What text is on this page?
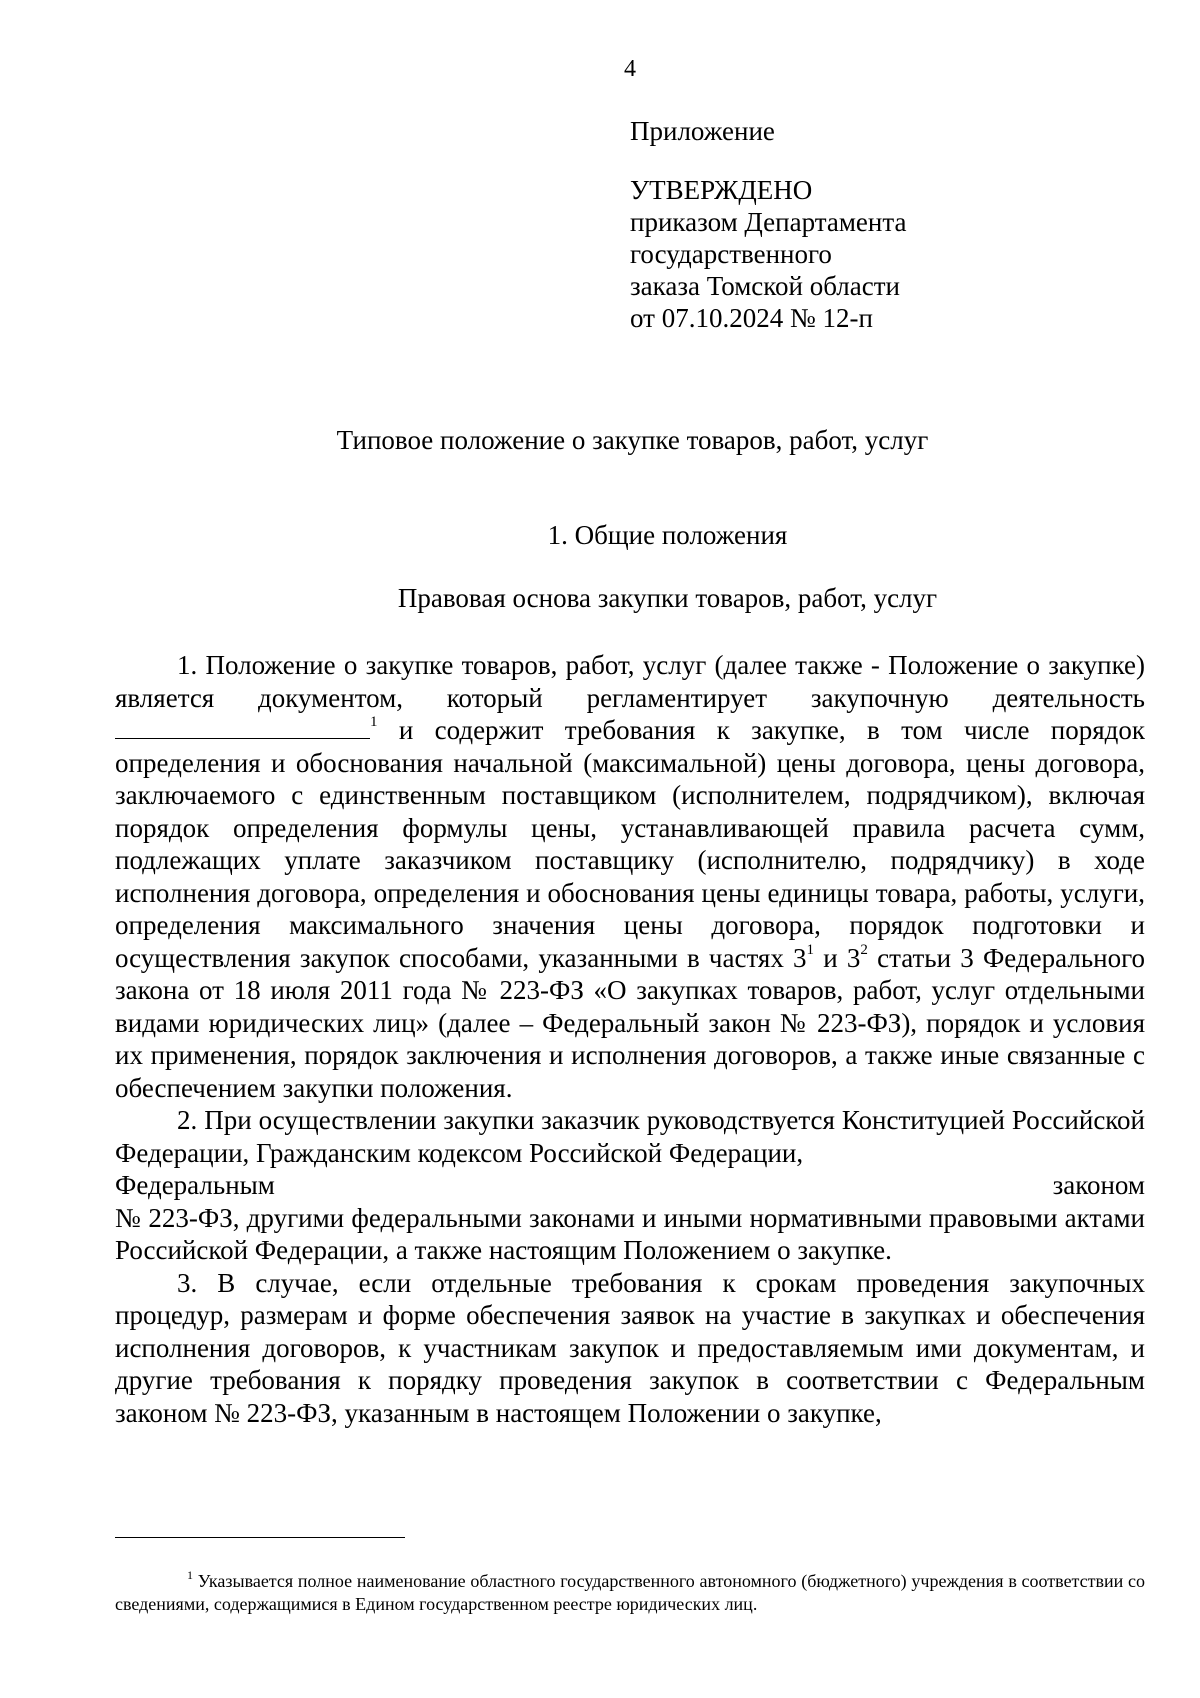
4
Приложение
УТВЕРЖДЕНО
приказом Департамента
государственного
заказа Томской области
от 07.10.2024 № 12-п
Типовое положение о закупке товаров, работ, услуг
1. Общие положения
Правовая основа закупки товаров, работ, услуг

1. Положение о закупке товаров, работ, услуг (далее также - Положение о закупке) является документом, который регламентирует закупочную деятельность $^1$ и содержит требования к закупке, в том числе порядок определения и обоснования начальной (максимальной) цены договора, цены договора, заключаемого с единственным поставщиком (исполнителем, подрядчиком), включая порядок определения формулы цены, устанавливающей правила расчета сумм, подлежащих уплате заказчиком поставщику (исполнителю, подрядчику) в ходе исполнения договора, определения и обоснования цены единицы товара, работы, услуги, определения максимального значения цены договора, порядок подготовки и осуществления закупок способами, указанными в частях $3^1$ и $3^2$ статьи 3 Федерального закона от 18 июля 2011 года № 223-ФЗ «О закупках товаров, работ, услуг отдельными видами юридических лиц» (далее – Федеральный закон № 223-ФЗ), порядок и условия их применения, порядок заключения и исполнения договоров, а также иные связанные с обеспечением закупки положения.

2. При осуществлении закупки заказчик руководствуется Конституцией Российской Федерации, Гражданским кодексом Российской Федерации,

Федеральным	законом

№ 223-ФЗ, другими федеральными законами и иными нормативными правовыми актами Российской Федерации, а также настоящим Положением о закупке.

3. В случае, если отдельные требования к срокам проведения закупочных процедур, размерам и форме обеспечения заявок на участие в закупках и обеспечения исполнения договоров, к участникам закупок и предоставляемым ими документам, и другие требования к порядку проведения закупок в соответствии с Федеральным законом № 223-ФЗ, указанным в настоящем Положении о закупке,

$^1$ Указывается полное наименование областного государственного автономного (бюджетного) учреждения в соответствии со сведениями, содержащимися в Едином государственном реестре юридических лиц.
